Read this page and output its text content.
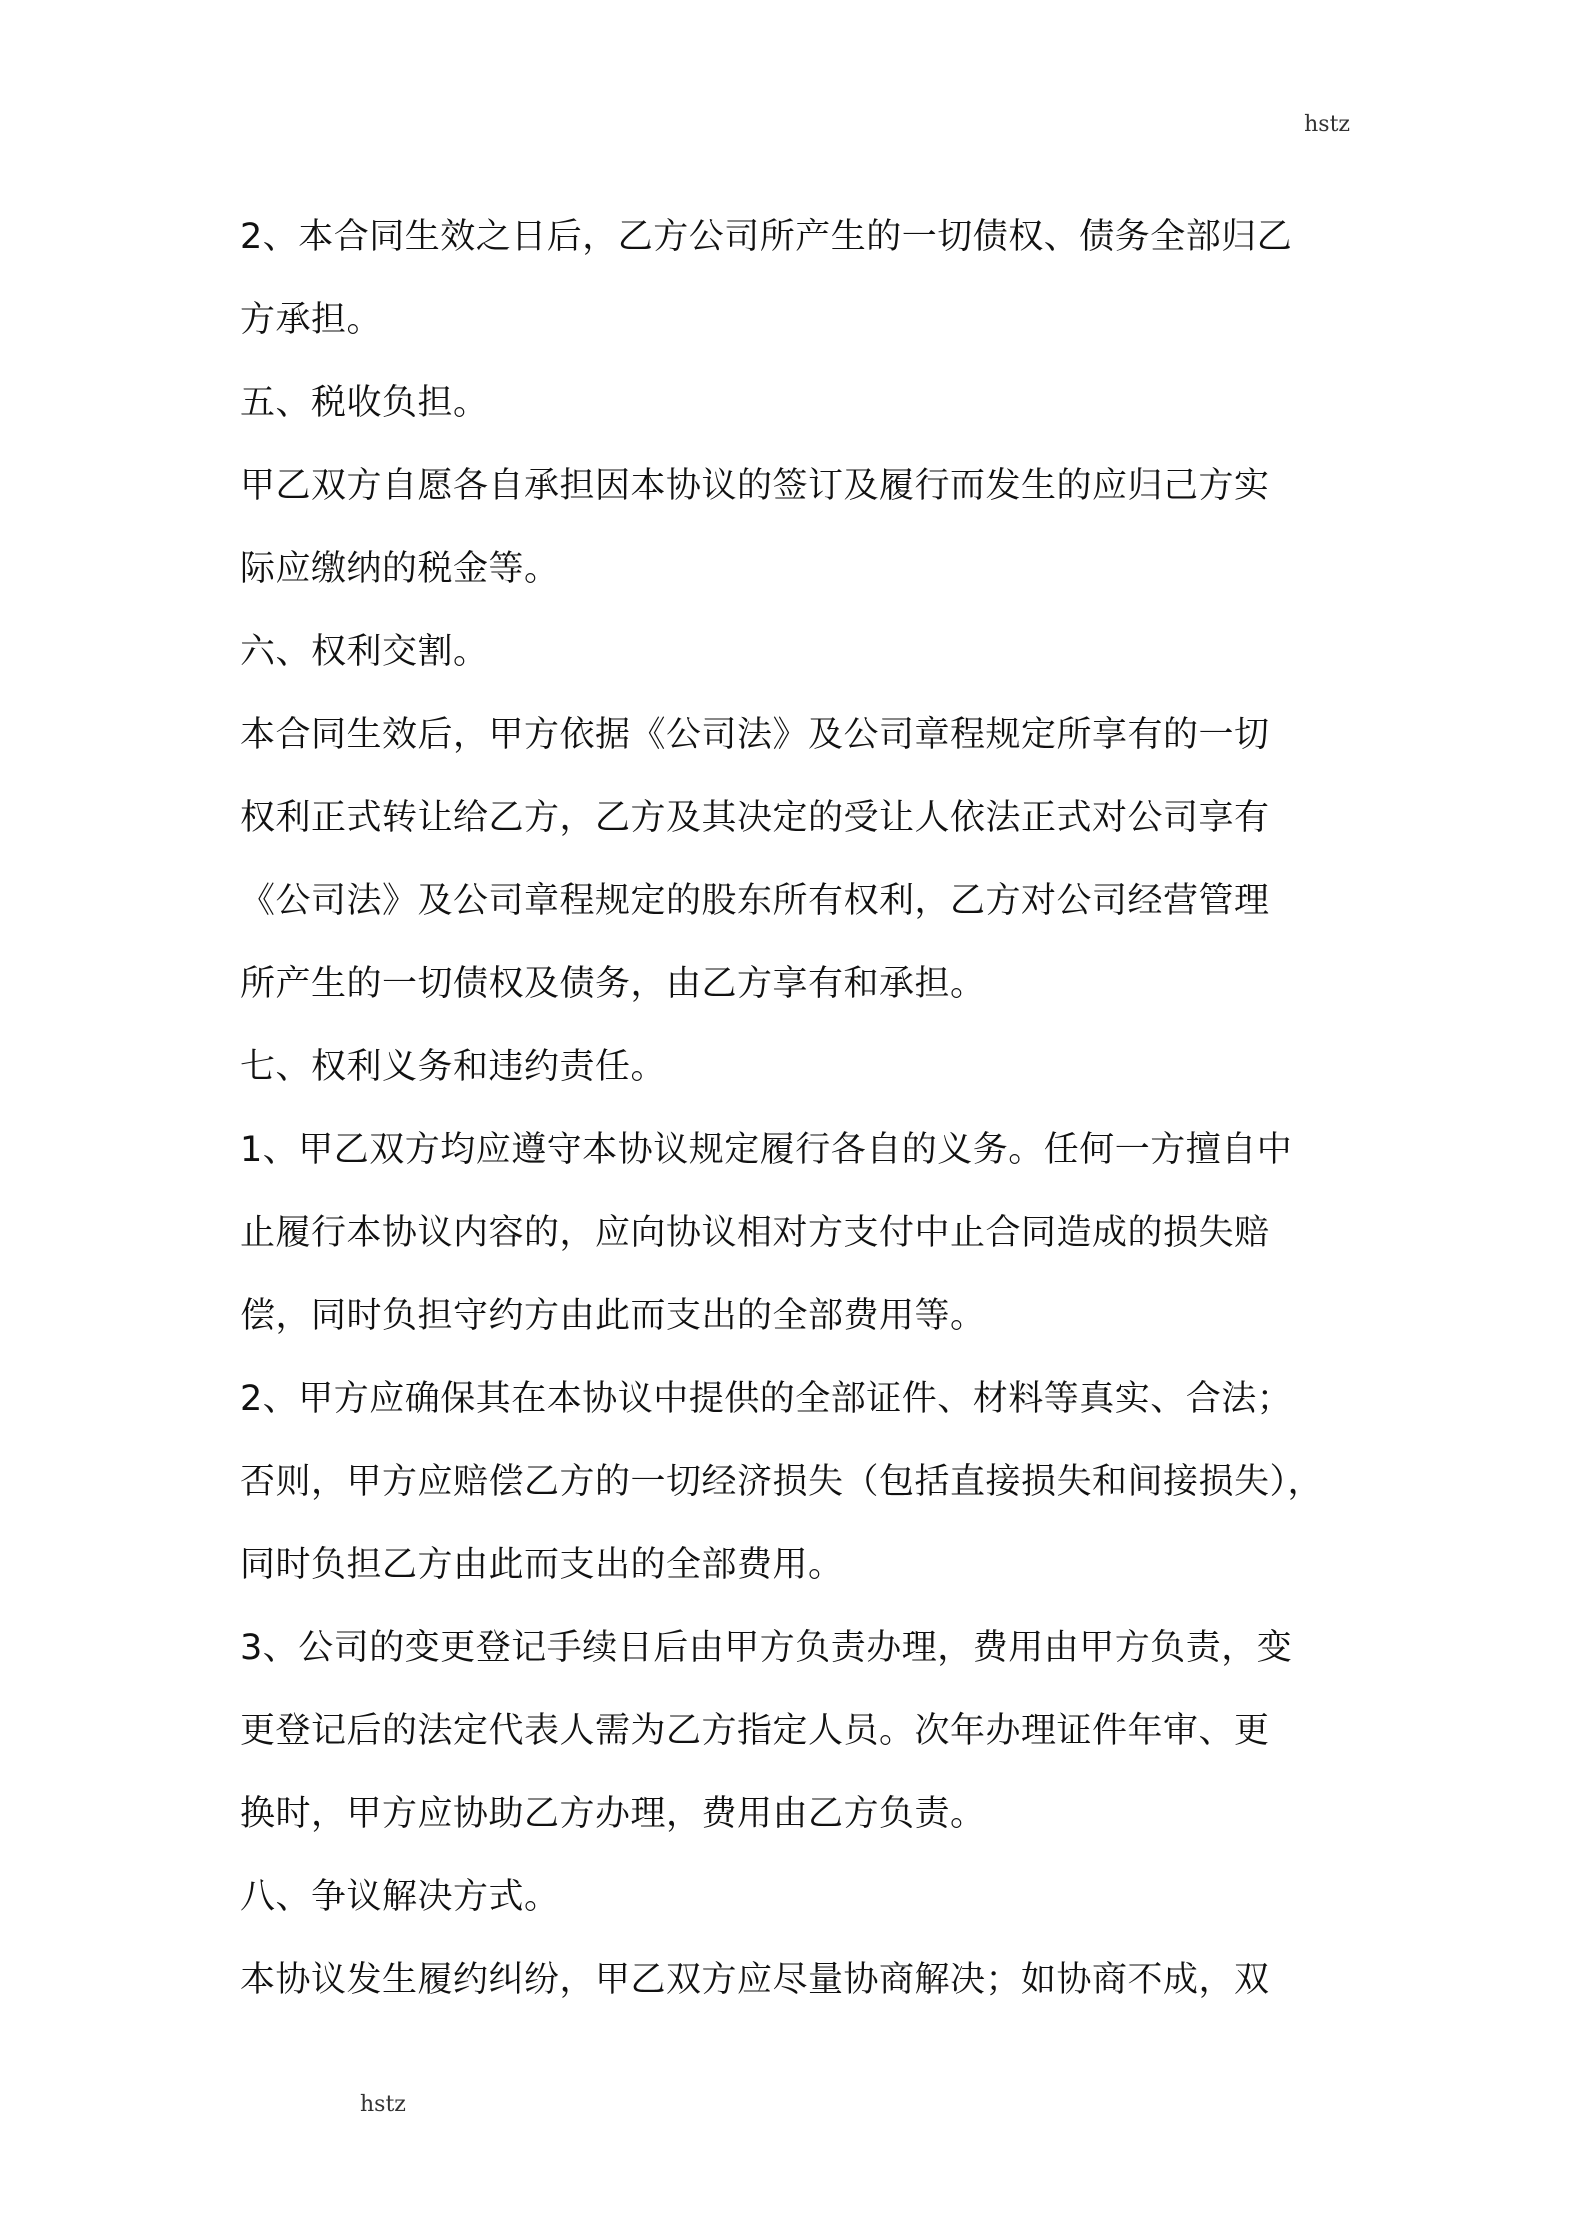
hstz
2、本合同生效之日后，乙方公司所产生的一切债权、债务全部归乙
方承担。
五、税收负担。
甲乙双方自愿各自承担因本协议的签订及履行而发生的应归己方实
际应缴纳的税金等。
六、权利交割。
本合同生效后，甲方依据《公司法》及公司章程规定所享有的一切
权利正式转让给乙方，乙方及其决定的受让人依法正式对公司享有
《公司法》及公司章程规定的股东所有权利，乙方对公司经营管理
所产生的一切债权及债务，由乙方享有和承担。
七、权利义务和违约责任。
1、甲乙双方均应遵守本协议规定履行各自的义务。任何一方擅自中
止履行本协议内容的，应向协议相对方支付中止合同造成的损失赔
偿，同时负担守约方由此而支出的全部费用等。
2、甲方应确保其在本协议中提供的全部证件、材料等真实、合法；
否则，甲方应赔偿乙方的一切经济损失（包括直接损失和间接损失），
同时负担乙方由此而支出的全部费用。
3、公司的变更登记手续日后由甲方负责办理，费用由甲方负责，变
更登记后的法定代表人需为乙方指定人员。次年办理证件年审、更
换时，甲方应协助乙方办理，费用由乙方负责。
八、争议解决方式。
本协议发生履约纠纷，甲乙双方应尽量协商解决；如协商不成，双
hstz
